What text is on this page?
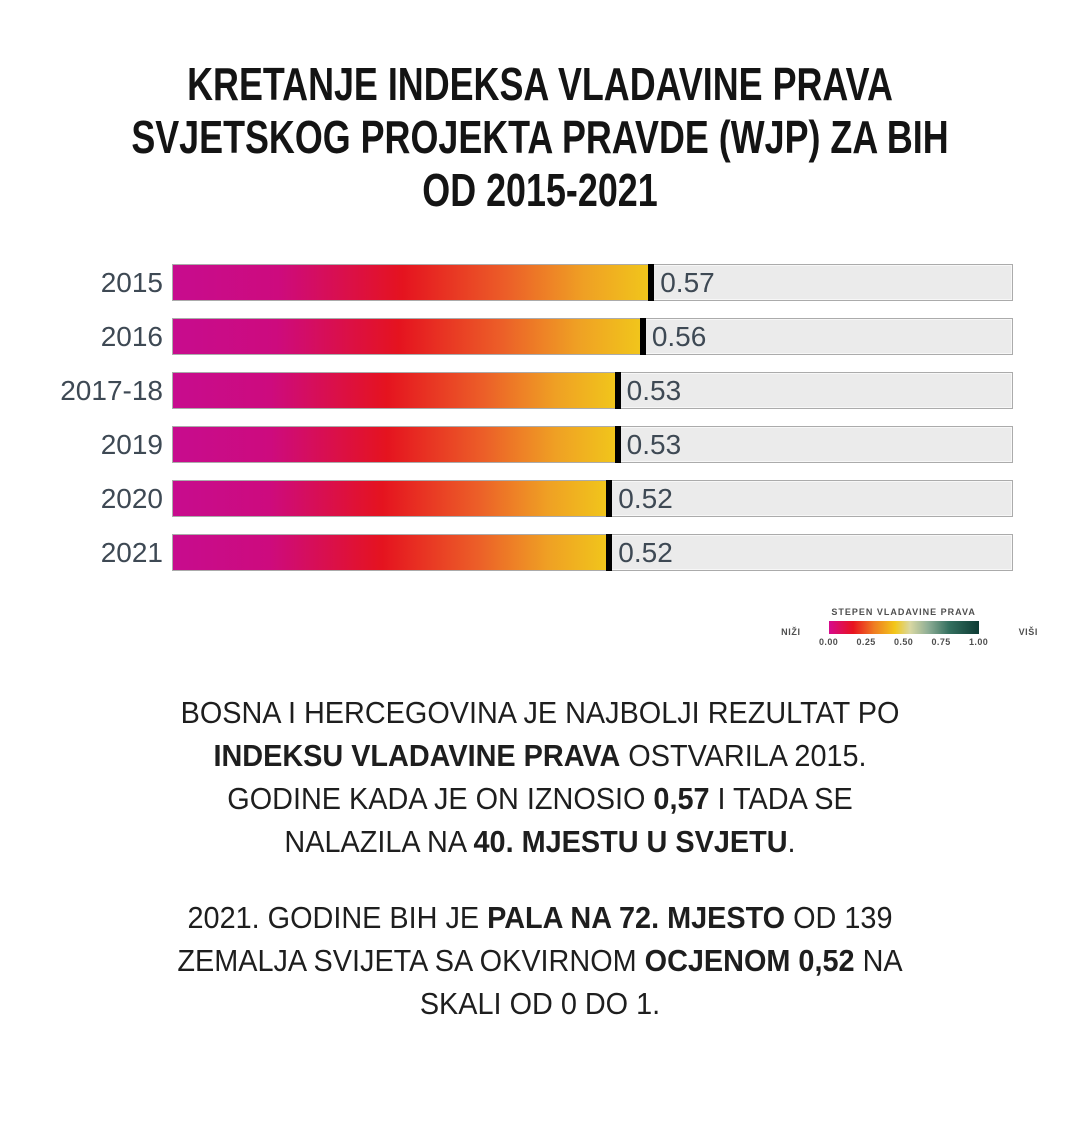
KRETANJE INDEKSA VLADAVINE PRAVA
SVJETSKOG PROJEKTA PRAVDE (WJP) ZA BIH
OD 2015-2021
2015	0.57
2016	0.56
2017-18	0.53
2019	0.53
2020	0.52
2021	0.52
NIŽI
STEPEN VLADAVINE PRAVA
0.00 0.25 0.50 0.75 1.00
VIŠI
BOSNA I HERCEGOVINA JE NAJBOLJI REZULTAT PO
INDEKSU VLADAVINE PRAVA OSTVARILA 2015.
GODINE KADA JE ON IZNOSIO 0,57 I TADA SE
NALAZILA NA 40. MJESTU U SVJETU.
2021. GODINE BIH JE PALA NA 72. MJESTO OD 139
ZEMALJA SVIJETA SA OKVIRNOM OCJENOM 0,52 NA
SKALI OD 0 DO 1.
